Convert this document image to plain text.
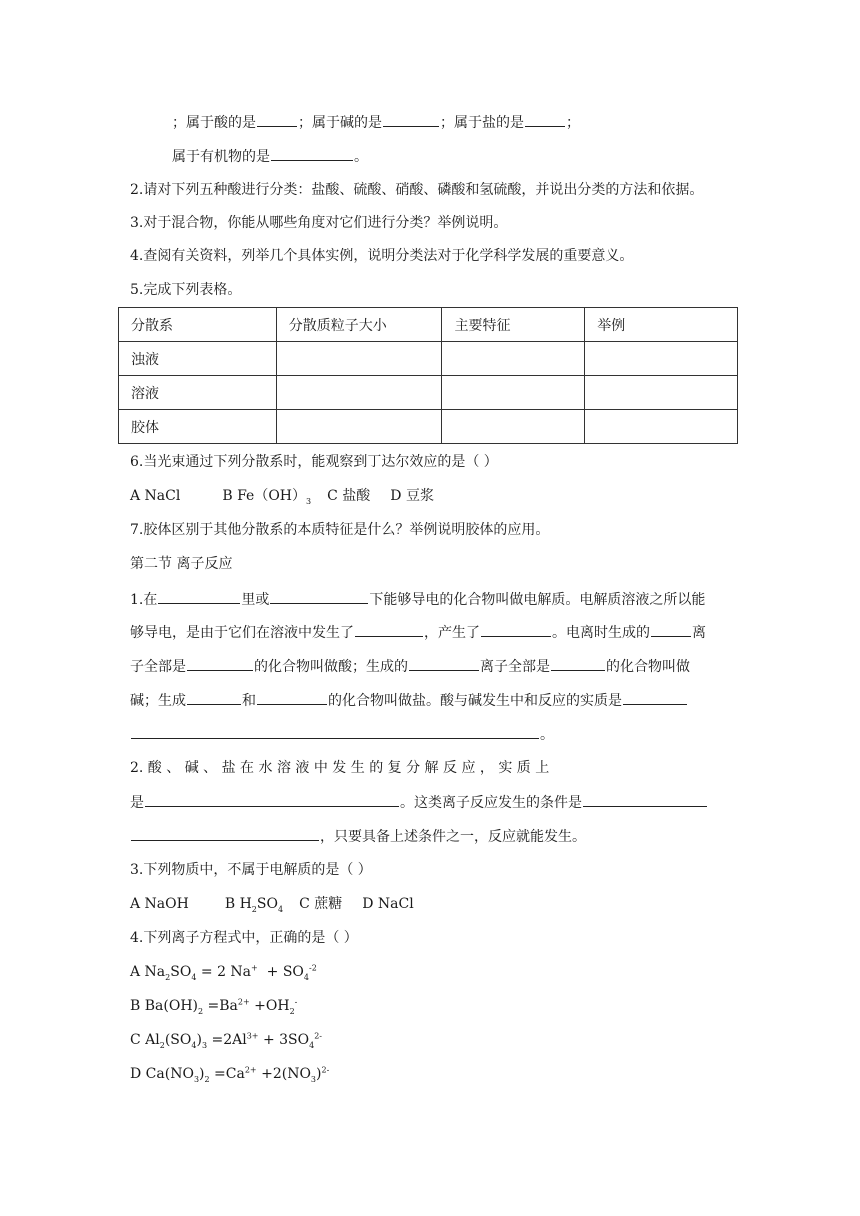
；属于酸的是	；属于碱的是	；属于盐的是	；
属于有机物的是	。
2.请对下列五种酸进行分类：盐酸、硫酸、硝酸、磷酸和氢硫酸，并说出分类的方法和依据。
3.对于混合物，你能从哪些角度对它们进行分类？举例说明。
4.查阅有关资料，列举几个具体实例，说明分类法对于化学科学发展的重要意义。
5.完成下列表格。
分散系	分散质粒子大小	主要特征	举例
浊液			
溶液			
胶体			
6.当光束通过下列分散系时，能观察到丁达尔效应的是（ ）
A NaCl	B $Fe(OH)_3$ C 盐酸 D 豆浆
7.胶体区别于其他分散系的本质特征是什么？举例说明胶体的应用。
第二节 离子反应
1.在	里或	下能够导电的化合物叫做电解质。电解质溶液之所以能
够导电，是由于它们在溶液中发生了	，产生了	。电离时生成的	离
子全部是	的化合物叫做酸；生成的	离子全部是	的化合物叫做
碱；生成	和	的化合物叫做盐。酸与碱发生中和反应的实质是
。
2. 酸 、 碱 、 盐 在 水 溶 液 中 发 生 的 复 分 解 反 应 ， 实 质 上
是	。这类离子反应发生的条件是
，只要具备上述条件之一，反应就能发生。
3.下列物质中，不属于电解质的是（ ）
A NaOH	B $H_2SO_4$ C 蔗糖 D NaCl
4.下列离子方程式中，正确的是（ ）
A $Na_2SO_4 = 2$ $Na^+ + SO_4^{-2}$
B $Ba(OH)_2 =Ba^{2+} +OH_2^-$
C $Al_2(SO_4)_3 =2Al^{3+} + 3SO_4^{2-}$
D $Ca(NO_3)_2 =Ca^{2+} +2(NO_3)^{2-}$
